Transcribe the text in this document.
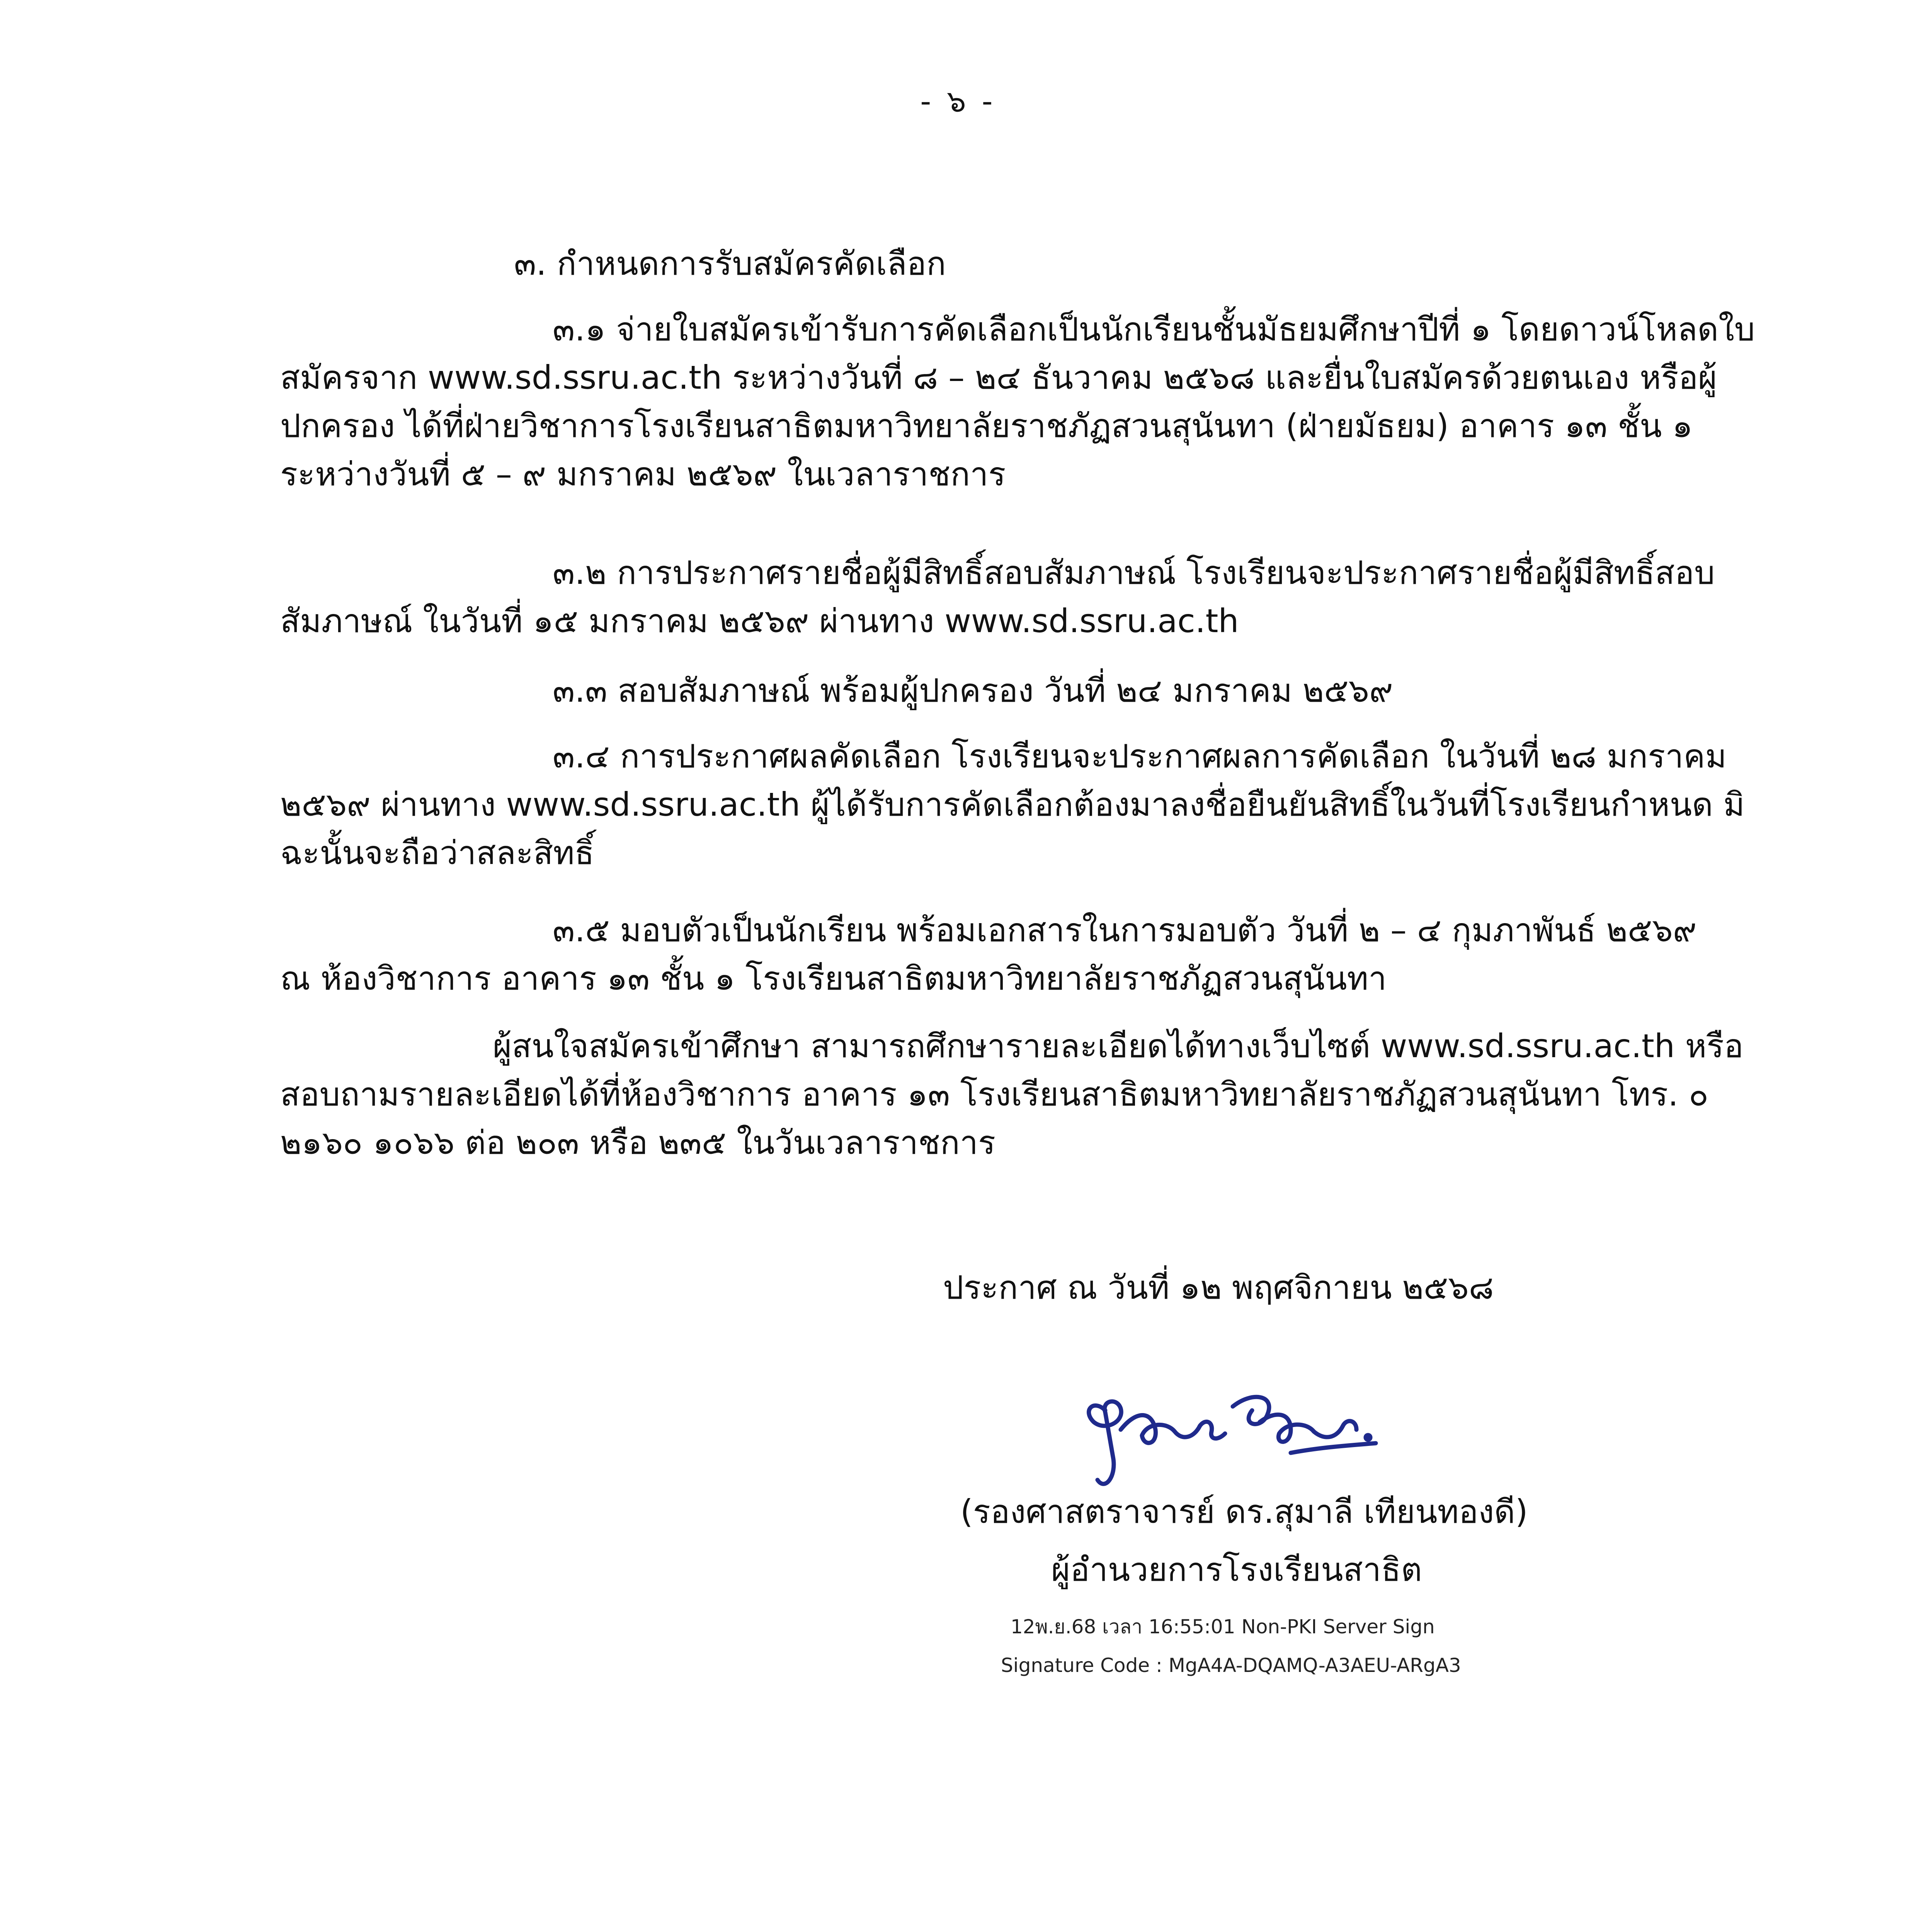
- ๖ -
๓. กำหนดการรับสมัครคัดเลือก
๓.๑ จ่ายใบสมัครเข้ารับการคัดเลือกเป็นนักเรียนชั้นมัธยมศึกษาปีที่ ๑ โดยดาวน์โหลดใบ
สมัครจาก www.sd.ssru.ac.th ระหว่างวันที่ ๘ – ๒๔ ธันวาคม ๒๕๖๘ และยื่นใบสมัครด้วยตนเอง หรือผู้
ปกครอง ได้ที่ฝ่ายวิชาการโรงเรียนสาธิตมหาวิทยาลัยราชภัฏสวนสุนันทา (ฝ่ายมัธยม) อาคาร ๑๓ ชั้น ๑
ระหว่างวันที่ ๕ – ๙ มกราคม ๒๕๖๙ ในเวลาราชการ
๓.๒ การประกาศรายชื่อผู้มีสิทธิ์สอบสัมภาษณ์ โรงเรียนจะประกาศรายชื่อผู้มีสิทธิ์สอบ
สัมภาษณ์ ในวันที่ ๑๕ มกราคม ๒๕๖๙ ผ่านทาง www.sd.ssru.ac.th
๓.๓ สอบสัมภาษณ์ พร้อมผู้ปกครอง วันที่ ๒๔ มกราคม ๒๕๖๙
๓.๔ การประกาศผลคัดเลือก โรงเรียนจะประกาศผลการคัดเลือก ในวันที่ ๒๘ มกราคม
๒๕๖๙ ผ่านทาง www.sd.ssru.ac.th ผู้ได้รับการคัดเลือกต้องมาลงชื่อยืนยันสิทธิ์ในวันที่โรงเรียนกำหนด มิ
ฉะนั้นจะถือว่าสละสิทธิ์
๓.๕ มอบตัวเป็นนักเรียน พร้อมเอกสารในการมอบตัว วันที่ ๒ – ๔ กุมภาพันธ์ ๒๕๖๙
ณ ห้องวิชาการ อาคาร ๑๓ ชั้น ๑ โรงเรียนสาธิตมหาวิทยาลัยราชภัฏสวนสุนันทา
ผู้สนใจสมัครเข้าศึกษา สามารถศึกษารายละเอียดได้ทางเว็บไซต์ www.sd.ssru.ac.th หรือ
สอบถามรายละเอียดได้ที่ห้องวิชาการ อาคาร ๑๓ โรงเรียนสาธิตมหาวิทยาลัยราชภัฏสวนสุนันทา โทร. ๐
๒๑๖๐ ๑๐๖๖ ต่อ ๒๐๓ หรือ ๒๓๕ ในวันเวลาราชการ
ประกาศ ณ วันที่ ๑๒ พฤศจิกายน ๒๕๖๘
(รองศาสตราจารย์ ดร.สุมาลี เทียนทองดี)
ผู้อำนวยการโรงเรียนสาธิต
12พ.ย.68 เวลา 16:55:01 Non-PKI Server Sign
Signature Code : MgA4A-DQAMQ-A3AEU-ARgA3
